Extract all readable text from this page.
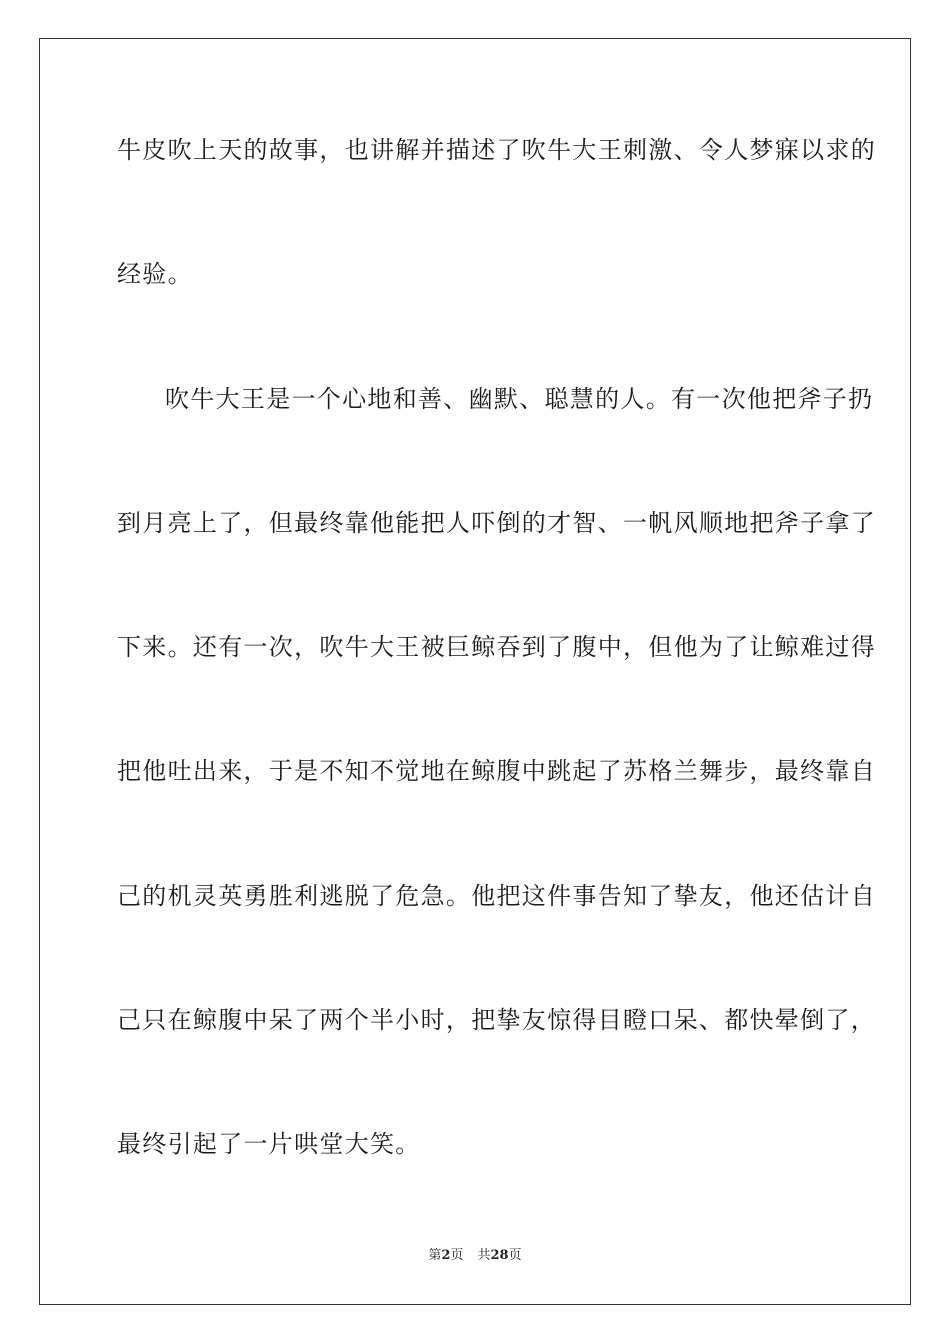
牛皮吹上天的故事，也讲解并描述了吹牛大王刺激、令人梦寐以求的
经验。
吹牛大王是一个心地和善、幽默、聪慧的人。有一次他把斧子扔
到月亮上了，但最终靠他能把人吓倒的才智、一帆风顺地把斧子拿了
下来。还有一次，吹牛大王被巨鲸吞到了腹中，但他为了让鲸难过得
把他吐出来，于是不知不觉地在鲸腹中跳起了苏格兰舞步，最终靠自
己的机灵英勇胜利逃脱了危急。他把这件事告知了挚友，他还估计自
己只在鲸腹中呆了两个半小时，把挚友惊得目瞪口呆、都快晕倒了，
最终引起了一片哄堂大笑。
第2页 共28页
